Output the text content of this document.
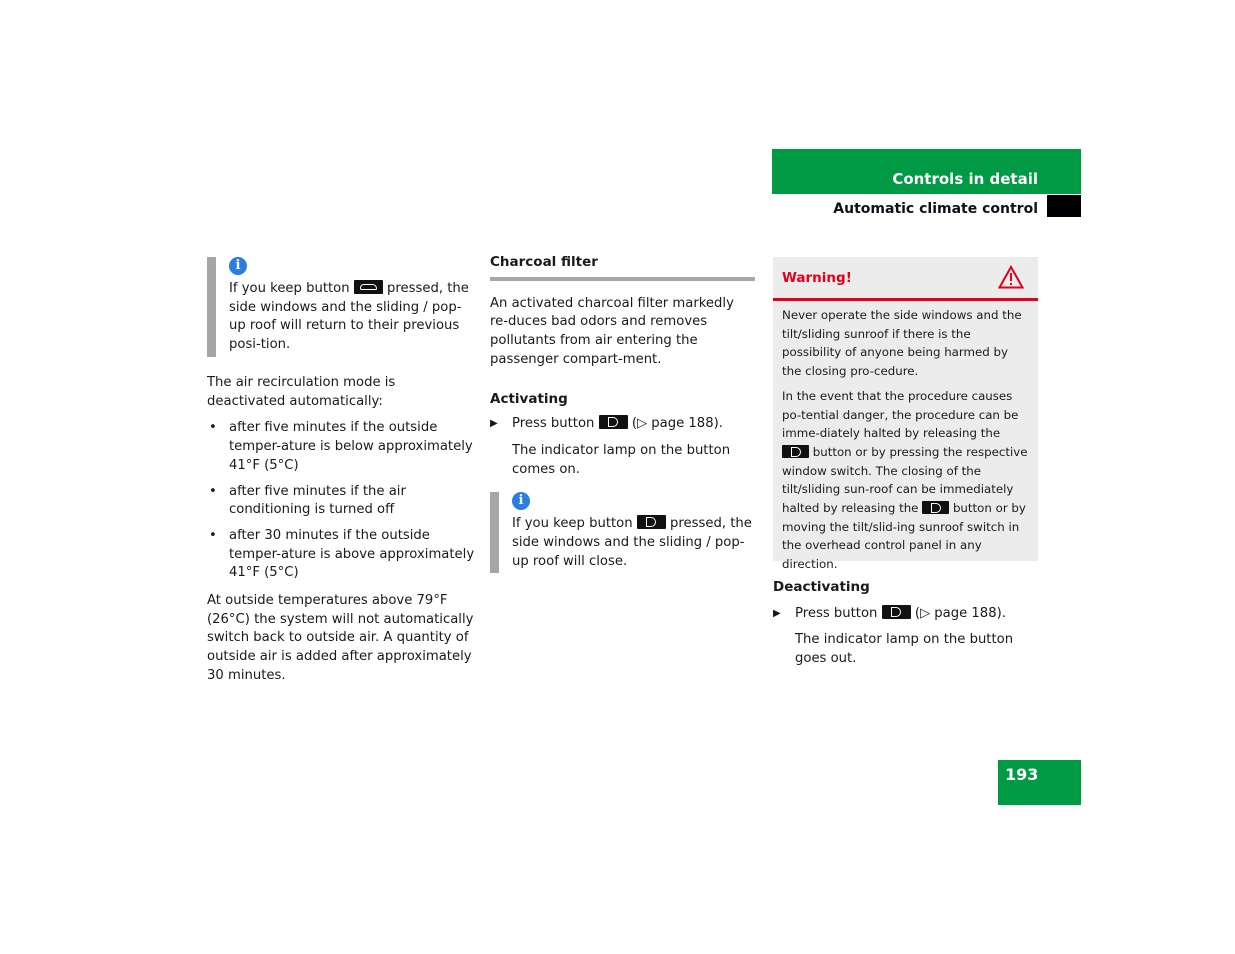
Controls in detail
Automatic climate control
i

If you keep button	pressed, the side windows and the sliding / pop-up roof will return to their previous posi-tion.

The air recirculation mode is deactivated automatically:

• after five minutes if the outside temper-ature is below approximately 41°F (5°C)
• after five minutes if the air conditioning is turned off
• after 30 minutes if the outside temper-ature is above approximately 41°F (5°C)

At outside temperatures above 79°F (26°C) the system will not automatically switch back to outside air. A quantity of outside air is added after approximately 30 minutes.

Charcoal filter

An activated charcoal filter markedly re-duces bad odors and removes pollutants from air entering the passenger compart-ment.

Activating
▶ Press button	(▷ page 188).

The indicator lamp on the button comes on.

i

If you keep button	pressed, the side windows and the sliding / pop-up roof will close.

Warning!

Never operate the side windows and the tilt/sliding sunroof if there is the possibility of anyone being harmed by the closing pro-cedure.

In the event that the procedure causes po-tential danger, the procedure can be imme-diately halted by releasing the  button or by pressing the respective window switch. The closing of the tilt/sliding sun-roof can be immediately halted by releasing the	button or by moving the tilt/slid-ing sunroof switch in the overhead control panel in any direction.

Deactivating
▶ Press button	(▷ page 188).

The indicator lamp on the button goes out.

193
